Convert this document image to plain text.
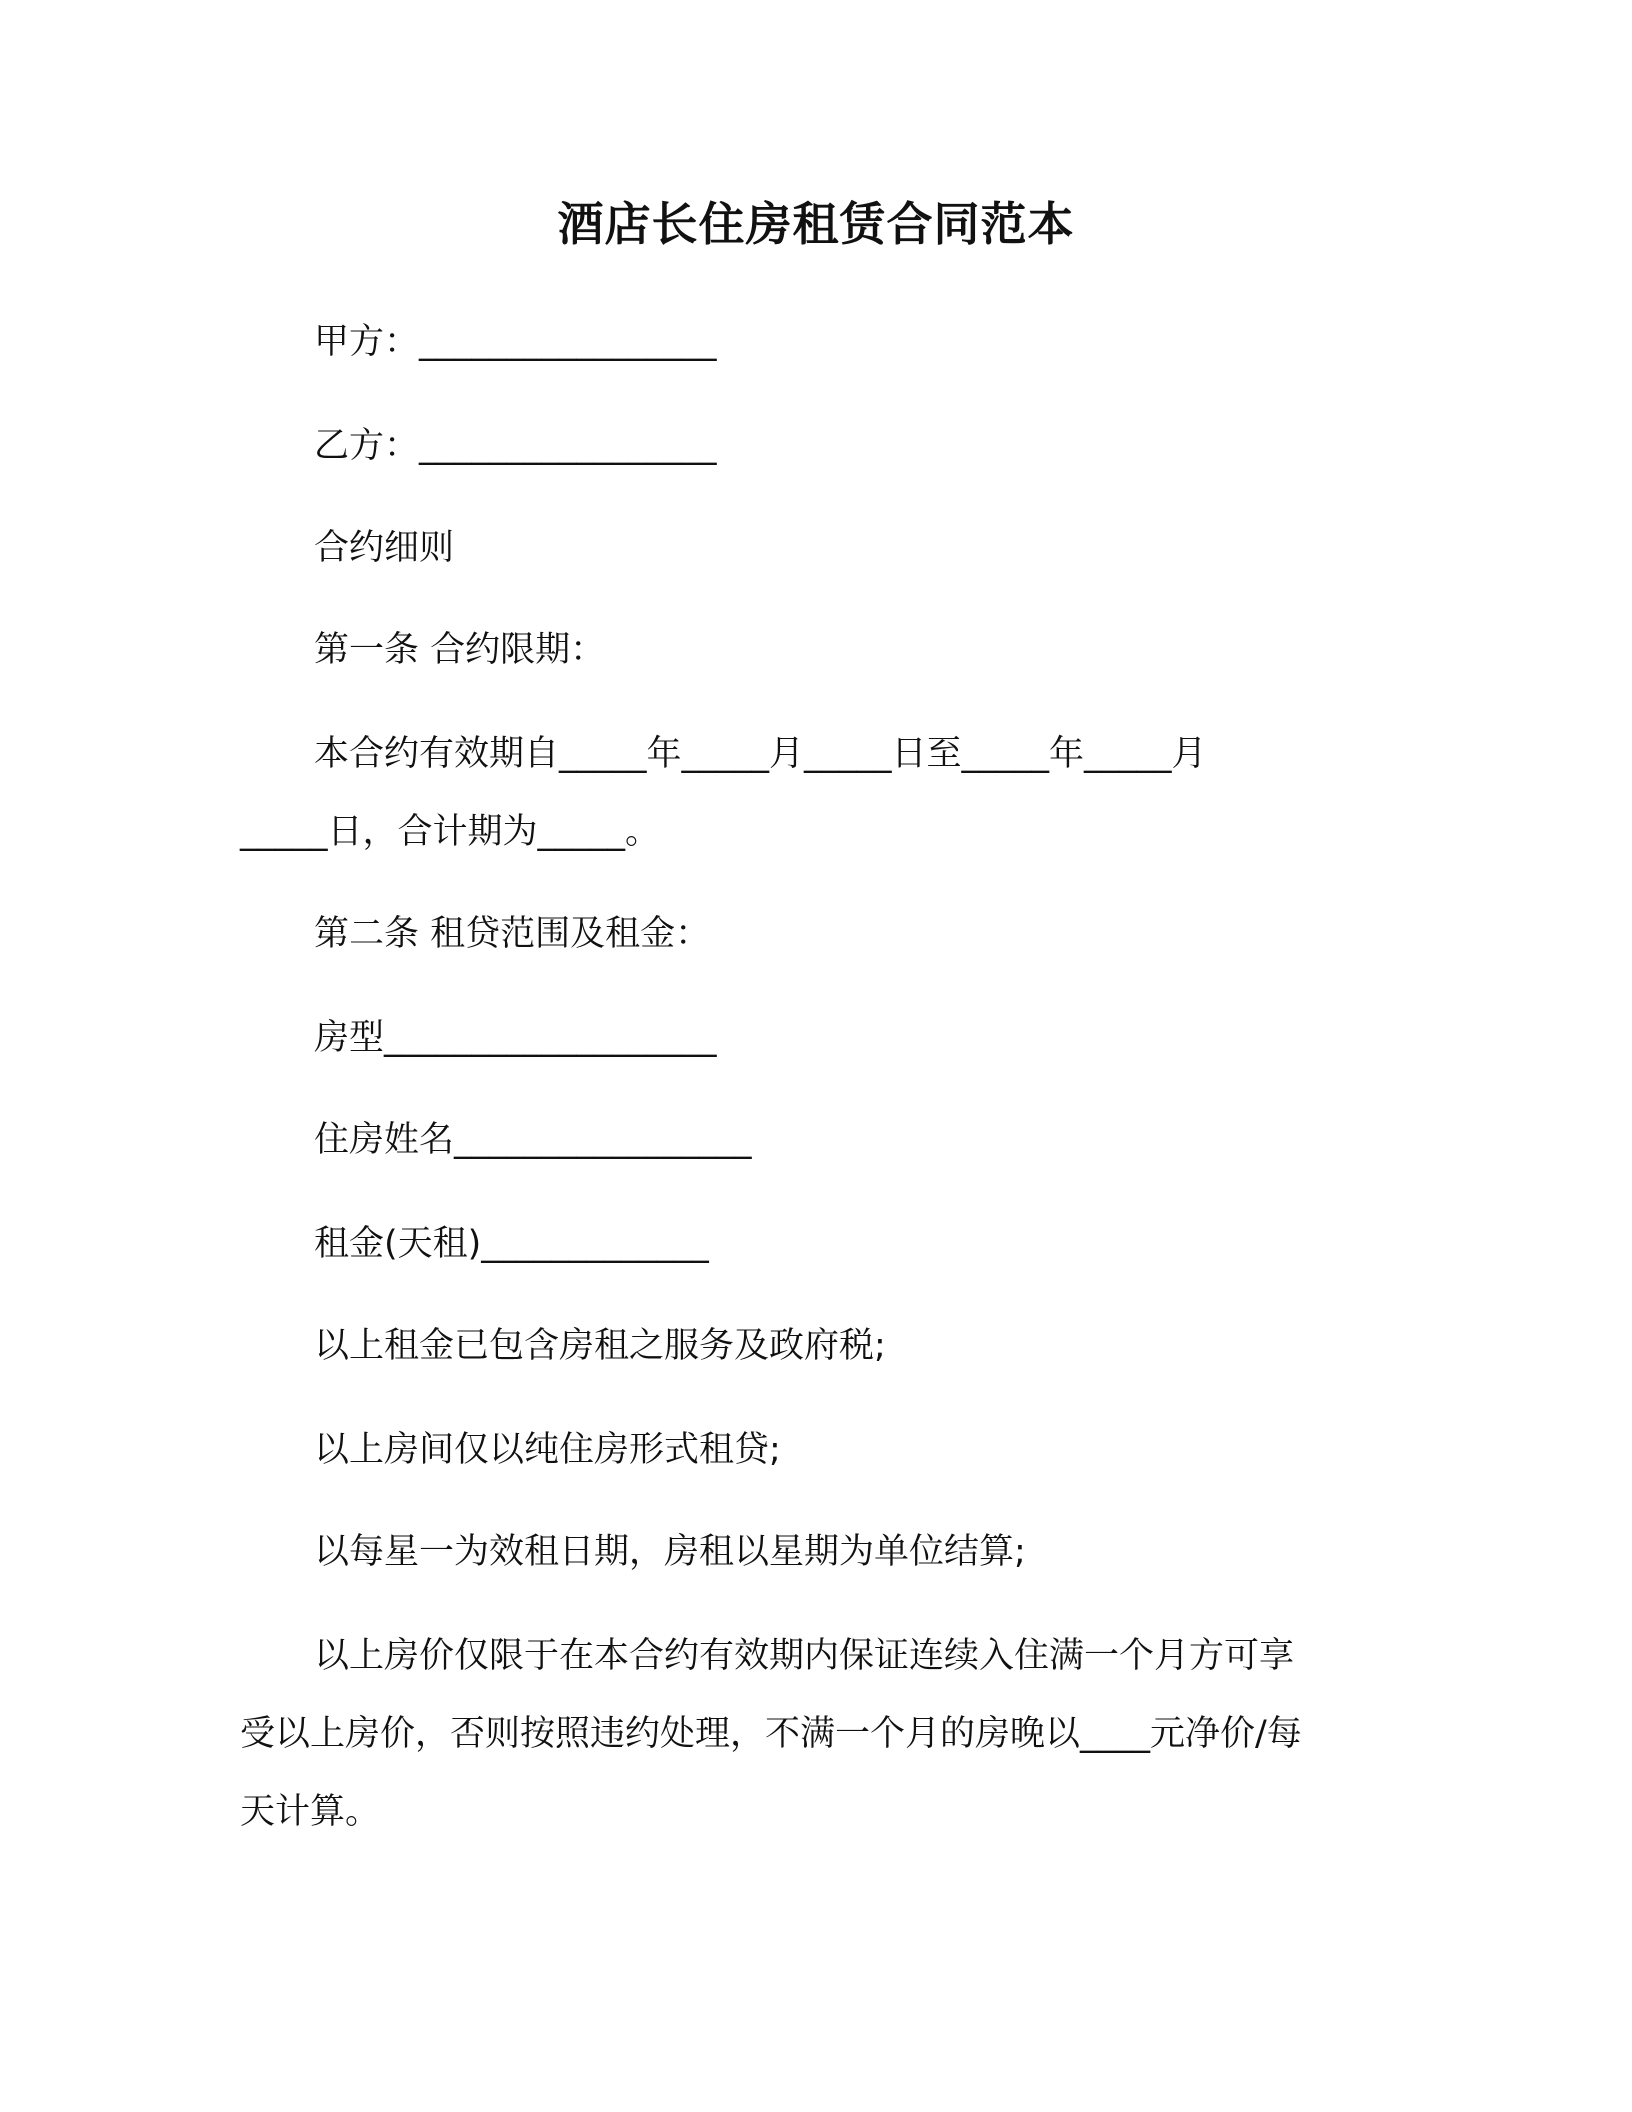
酒店长住房租赁合同范本
甲方：_________________
乙方：_________________
合约细则
第一条 合约限期：
本合约有效期自_____年_____月_____日至_____年_____月
_____日，合计期为_____。
第二条 租贷范围及租金：
房型___________________
住房姓名_________________
租金(天租)_____________
以上租金已包含房租之服务及政府税;
以上房间仅以纯住房形式租贷;
以每星一为效租日期，房租以星期为单位结算;
以上房价仅限于在本合约有效期内保证连续入住满一个月方可享
受以上房价，否则按照违约处理，不满一个月的房晚以____元净价/每
天计算。
